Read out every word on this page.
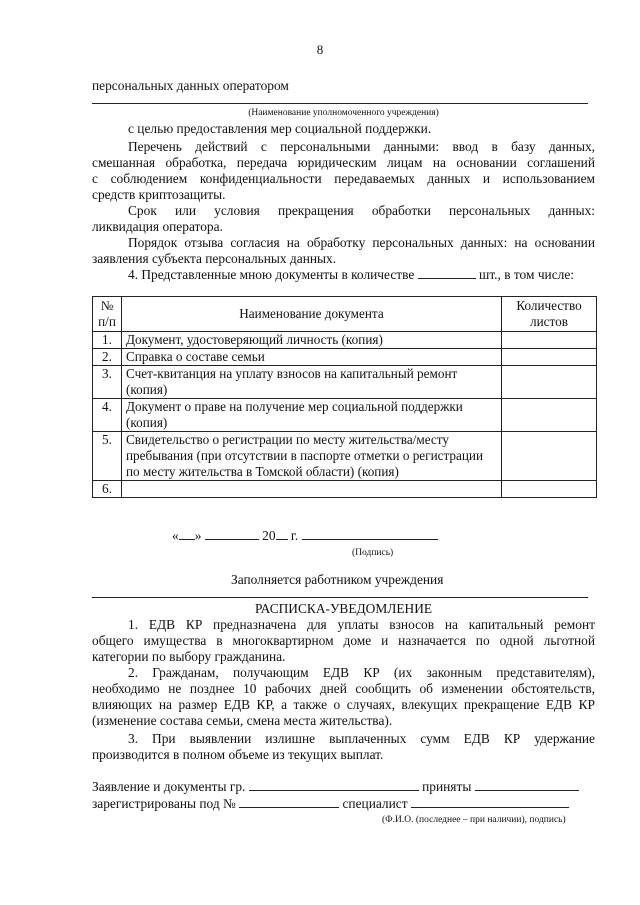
8
персональных данных оператором
(Наименование уполномоченного учреждения)
с целью предоставления мер социальной поддержки.
Перечень действий с персональными данными: ввод в базу данных,
смешанная обработка, передача юридическим лицам на основании соглашений
с соблюдением конфиденциальности передаваемых данных и использованием
средств криптозащиты.
Срок или условия прекращения обработки персональных данных:
ликвидация оператора.
Порядок отзыва согласия на обработку персональных данных: на основании
заявления субъекта персональных данных.
4. Представленные мною документы в количестве	шт., в том числе:
№ п/п	Наименование документа	Количество листов
1.	Документ, удостоверяющий личность (копия)	
2.	Справка о составе семьи	
3.	Счет-квитанция на уплату взносов на капитальный ремонт (копия)	
4.	Документ о праве на получение мер социальной поддержки (копия)	
5.	Свидетельство о регистрации по месту жительства/месту пребывания (при отсутствии в паспорте отметки о регистрации по месту жительства в Томской области) (копия)	
6.		
« »	20 г.
(Подпись)
Заполняется работником учреждения
РАСПИСКА-УВЕДОМЛЕНИЕ
1. ЕДВ КР предназначена для уплаты взносов на капитальный ремонт
общего имущества в многоквартирном доме и назначается по одной льготной
категории по выбору гражданина.
2. Гражданам, получающим ЕДВ КР (их законным представителям),
необходимо не позднее 10 рабочих дней сообщить об изменении обстоятельств,
влияющих на размер ЕДВ КР, а также о случаях, влекущих прекращение ЕДВ КР
(изменение состава семьи, смена места жительства).
3. При выявлении излишне выплаченных сумм ЕДВ КР удержание
производится в полном объеме из текущих выплат.
Заявление и документы гр.	приняты
зарегистрированы под №	специалист
(Ф.И.О. (последнее – при наличии), подпись)
